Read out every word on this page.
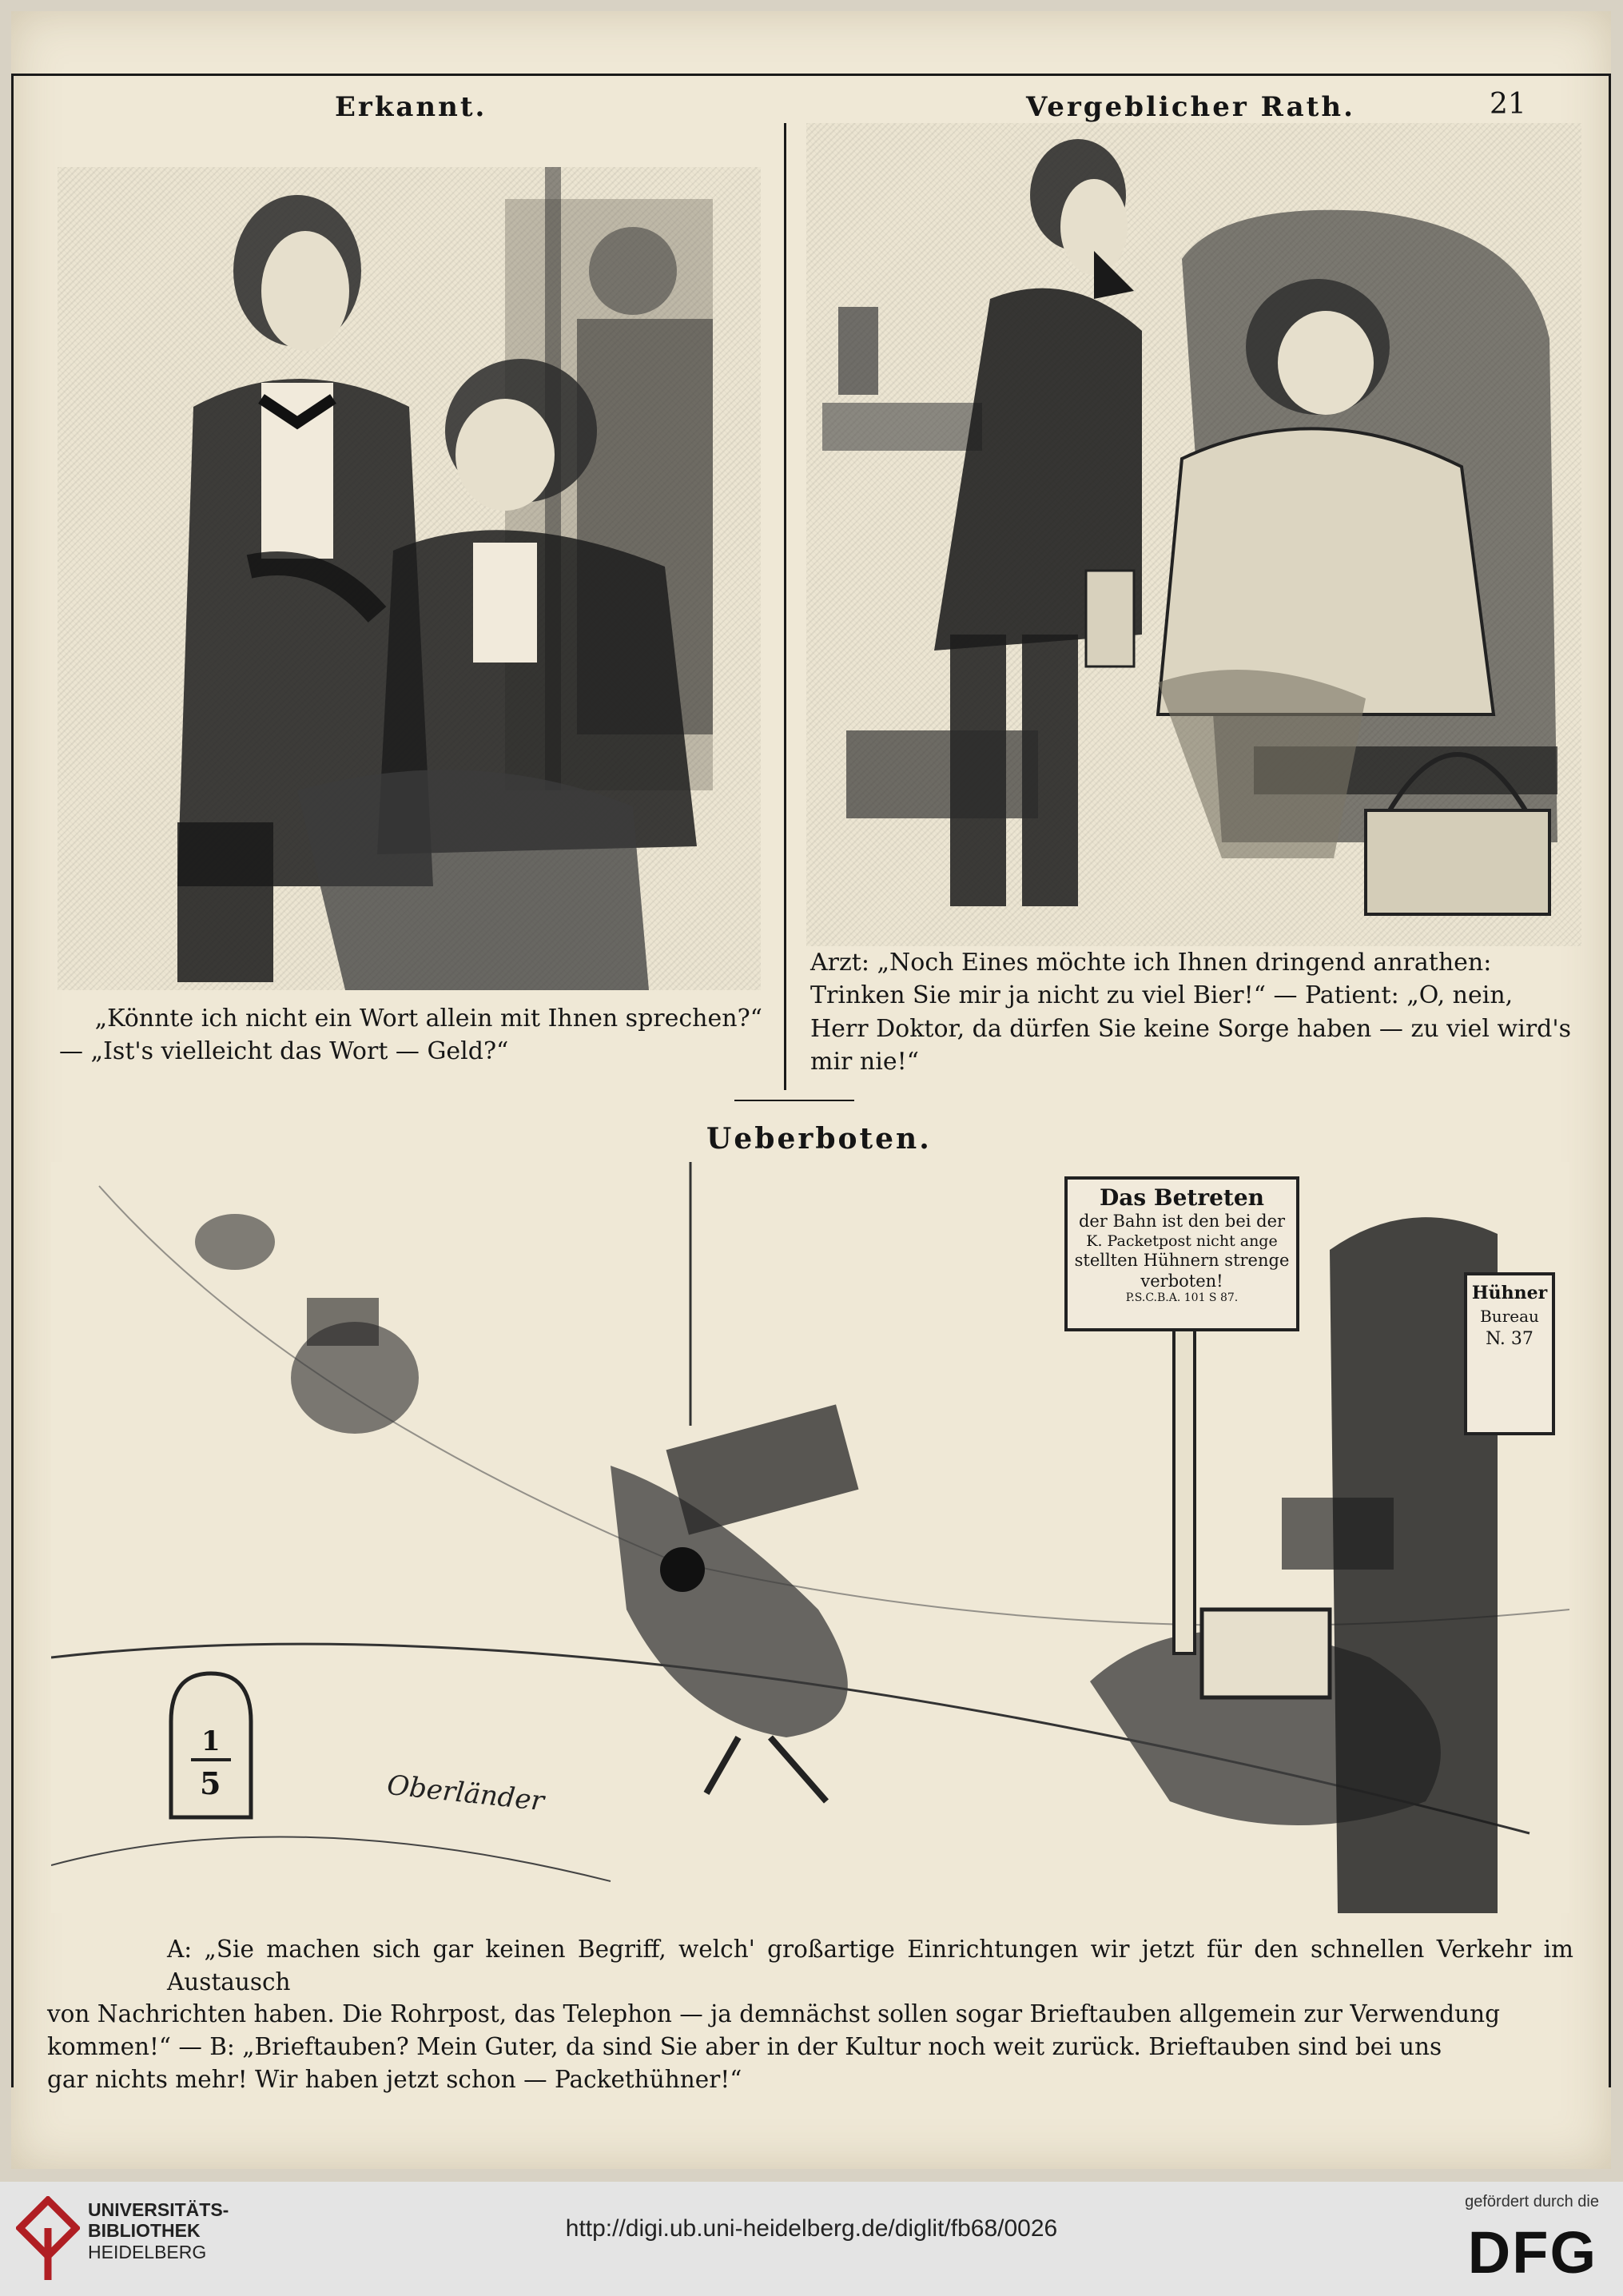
Erkannt.	Vergeblicher Rath.	21
„Könnte ich nicht ein Wort allein mit Ihnen sprechen?“
— „Ist's vielleicht das Wort — Geld?“
Arzt: „Noch Eines möchte ich Ihnen dringend anrathen:
Trinken Sie mir ja nicht zu viel Bier!“ — Patient: „O, nein,
Herr Doktor, da dürfen Sie keine Sorge haben — zu viel wird's
mir nie!“
Ueberboten.
Das Betreten
der Bahn ist den bei der
K. Packetpost nicht ange
stellten Hühnern strenge
verboten!
P.S.C.B.A. 101 S 87.	Hühner
Bureau
N. 37
1
5	Oberländer
A: „Sie machen sich gar keinen Begriff, welch' großartige Einrichtungen wir jetzt für den schnellen Verkehr im Austausch
von Nachrichten haben. Die Rohrpost, das Telephon — ja demnächst sollen sogar Brieftauben allgemein zur Verwendung
kommen!“ — B: „Brieftauben? Mein Guter, da sind Sie aber in der Kultur noch weit zurück. Brieftauben sind bei uns
gar nichts mehr! Wir haben jetzt schon — Packethühner!“
UNIVERSITÄTS-
BIBLIOTHEK
HEIDELBERG
http://digi.ub.uni-heidelberg.de/diglit/fb68/0026
gefördert durch die
DFG
